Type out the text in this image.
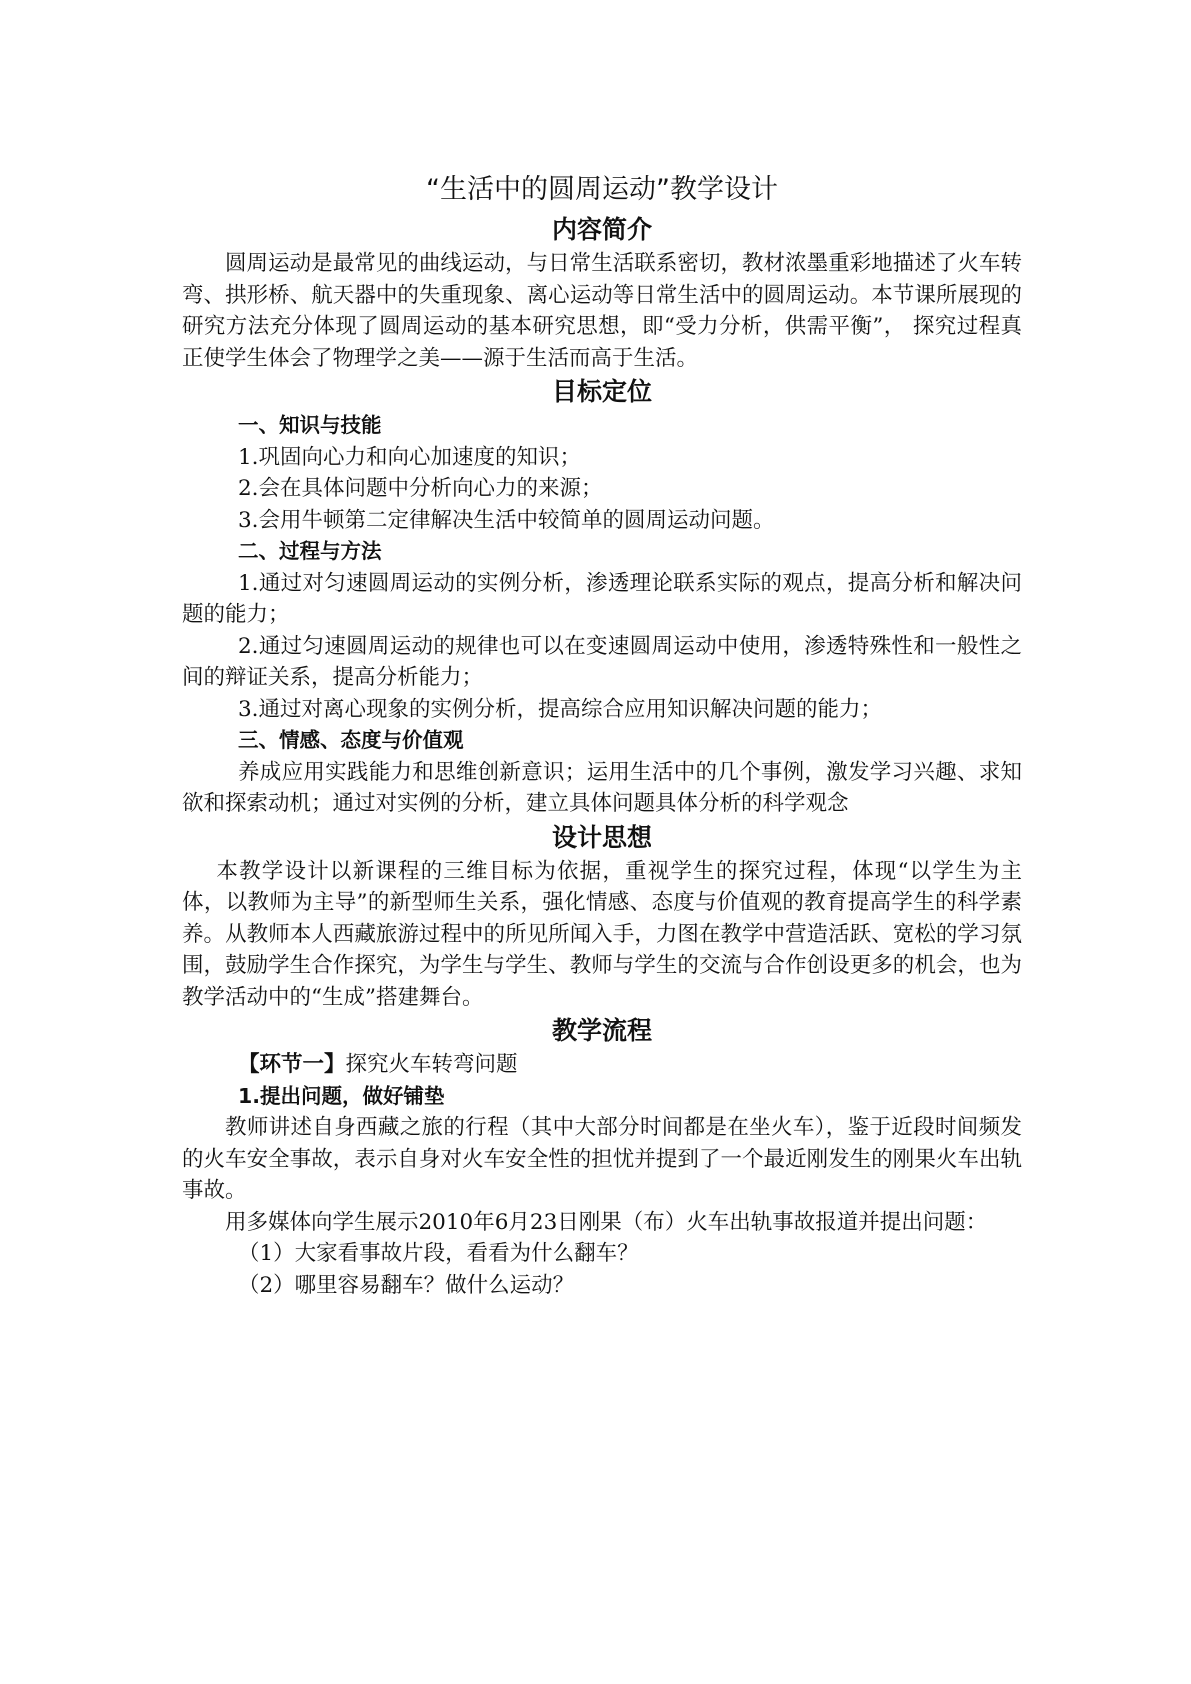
“生活中的圆周运动”教学设计
内容简介

圆周运动是最常见的曲线运动，与日常生活联系密切，教材浓墨重彩地描述了火车转弯、拱形桥、航天器中的失重现象、离心运动等日常生活中的圆周运动。本节课所展现的研究方法充分体现了圆周运动的基本研究思想，即“受力分析，供需平衡”， 探究过程真正使学生体会了物理学之美——源于生活而高于生活。

目标定位
一、知识与技能

1.巩固向心力和向心加速度的知识；

2.会在具体问题中分析向心力的来源；

3.会用牛顿第二定律解决生活中较简单的圆周运动问题。

二、过程与方法

1.通过对匀速圆周运动的实例分析，渗透理论联系实际的观点，提高分析和解决问题的能力；

2.通过匀速圆周运动的规律也可以在变速圆周运动中使用，渗透特殊性和一般性之间的辩证关系，提高分析能力；

3.通过对离心现象的实例分析，提高综合应用知识解决问题的能力；

三、情感、态度与价值观

养成应用实践能力和思维创新意识；运用生活中的几个事例，激发学习兴趣、求知欲和探索动机；通过对实例的分析，建立具体问题具体分析的科学观念

设计思想

本教学设计以新课程的三维目标为依据，重视学生的探究过程，体现“以学生为主体，以教师为主导”的新型师生关系，强化情感、态度与价值观的教育提高学生的科学素养。从教师本人西藏旅游过程中的所见所闻入手，力图在教学中营造活跃、宽松的学习氛围，鼓励学生合作探究，为学生与学生、教师与学生的交流与合作创设更多的机会，也为教学活动中的“生成”搭建舞台。

教学流程

【环节一】探究火车转弯问题

1.提出问题，做好铺垫

教师讲述自身西藏之旅的行程（其中大部分时间都是在坐火车），鉴于近段时间频发的火车安全事故，表示自身对火车安全性的担忧并提到了一个最近刚发生的刚果火车出轨事故。

用多媒体向学生展示2010年6月23日刚果（布）火车出轨事故报道并提出问题：

（1）大家看事故片段，看看为什么翻车？

（2）哪里容易翻车？做什么运动？
